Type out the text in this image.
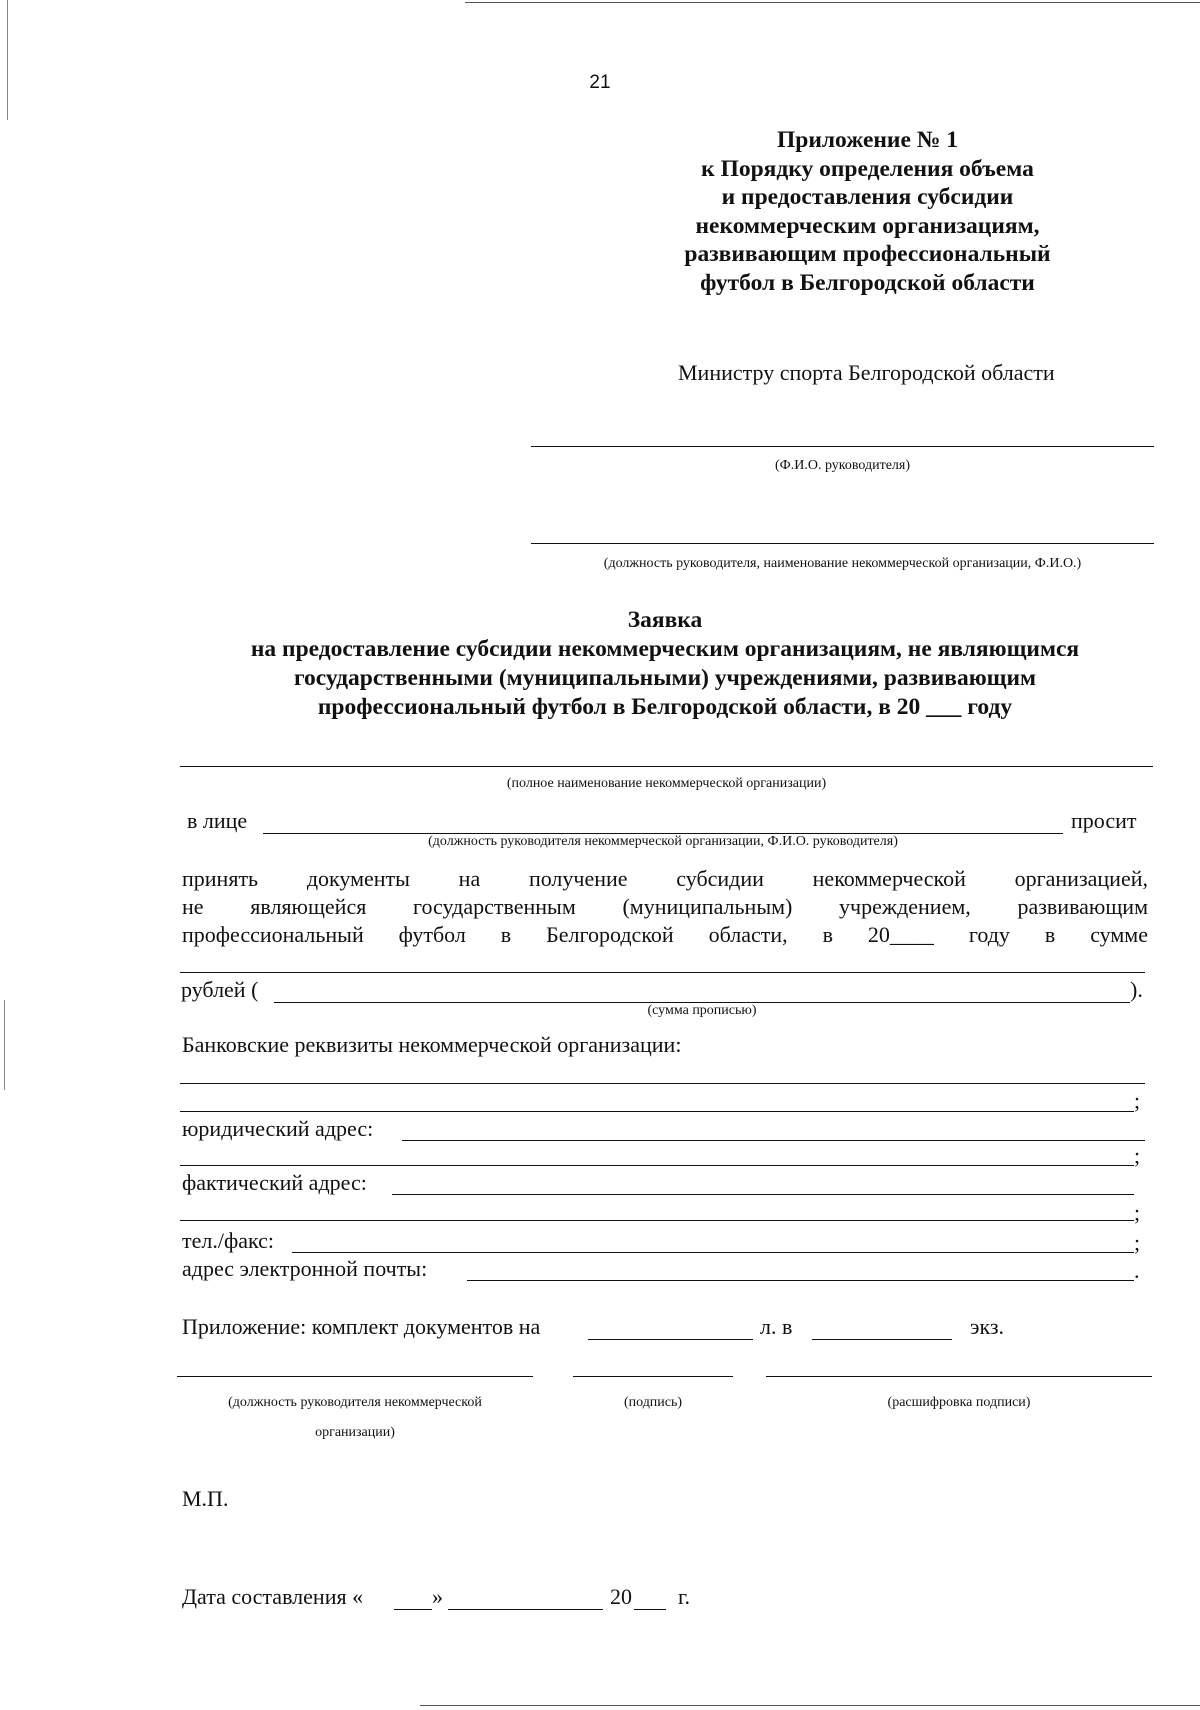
21
Приложение № 1
к Порядку определения объема
и предоставления субсидии
некоммерческим организациям,
развивающим профессиональный
футбол в Белгородской области
Министру спорта Белгородской области
(Ф.И.О. руководителя)
(должность руководителя, наименование некоммерческой организации, Ф.И.О.)
Заявка
на предоставление субсидии некоммерческим организациям, не являющимся
государственными (муниципальными) учреждениями, развивающим
профессиональный футбол в Белгородской области, в 20 ___ году
(полное наименование некоммерческой организации)
в лице	просит
(должность руководителя некоммерческой организации, Ф.И.О. руководителя)
принять документы на получение субсидии некоммерческой организацией,
не являющейся государственным (муниципальным) учреждением, развивающим
профессиональный футбол в Белгородской области, в 20____ году в сумме
рублей (	).
(сумма прописью)
Банковские реквизиты некоммерческой организации:
;
юридический адрес:
;
фактический адрес:
;
тел./факс:	;
адрес электронной почты:	.
Приложение: комплект документов на	л. в	экз.
(должность руководителя некоммерческой
организации)
(подпись)	(расшифровка подписи)
М.П.
Дата составления «	»	20 г.
